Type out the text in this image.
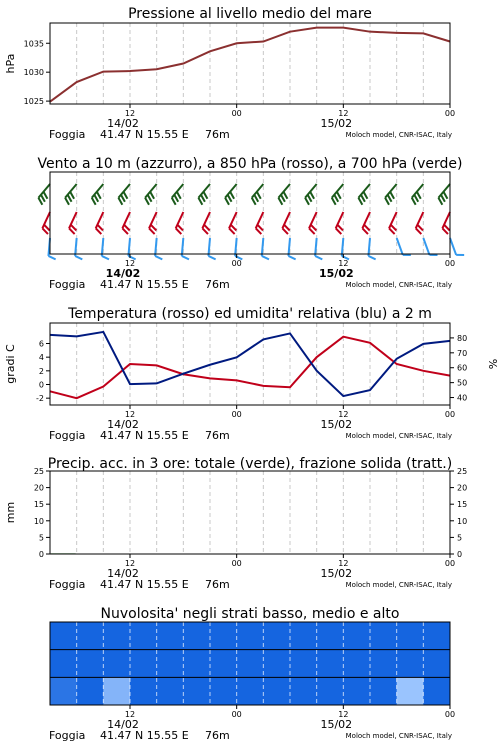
Pressione al livello medio del mare
1025
1030
1035
hPa
12	00	12	00
14/02	15/02
Foggia 41.47 N 15.55 E 76m	Moloch model, CNR-ISAC, Italy
Vento a 10 m (azzurro), a 850 hPa (rosso), a 700 hPa (verde)
12	00	12	00
14/02	15/02
Foggia 41.47 N 15.55 E 76m	Moloch model, CNR-ISAC, Italy
Temperatura (rosso) ed umidita' relativa (blu) a 2 m
-2
0
2
4
6
40
50
60
70
80
gradi C	%
12	00	12	00
14/02	15/02
Foggia 41.47 N 15.55 E 76m	Moloch model, CNR-ISAC, Italy
Precip. acc. in 3 ore: totale (verde), frazione solida (tratt.)
0
5
10
15
20
25
0
5
10
15
20
25
mm
12	00	12	00
14/02	15/02
Foggia 41.47 N 15.55 E 76m	Moloch model, CNR-ISAC, Italy
Nuvolosita' negli strati basso, medio e alto
12	00	12	00
14/02	15/02
Foggia 41.47 N 15.55 E 76m	Moloch model, CNR-ISAC, Italy
